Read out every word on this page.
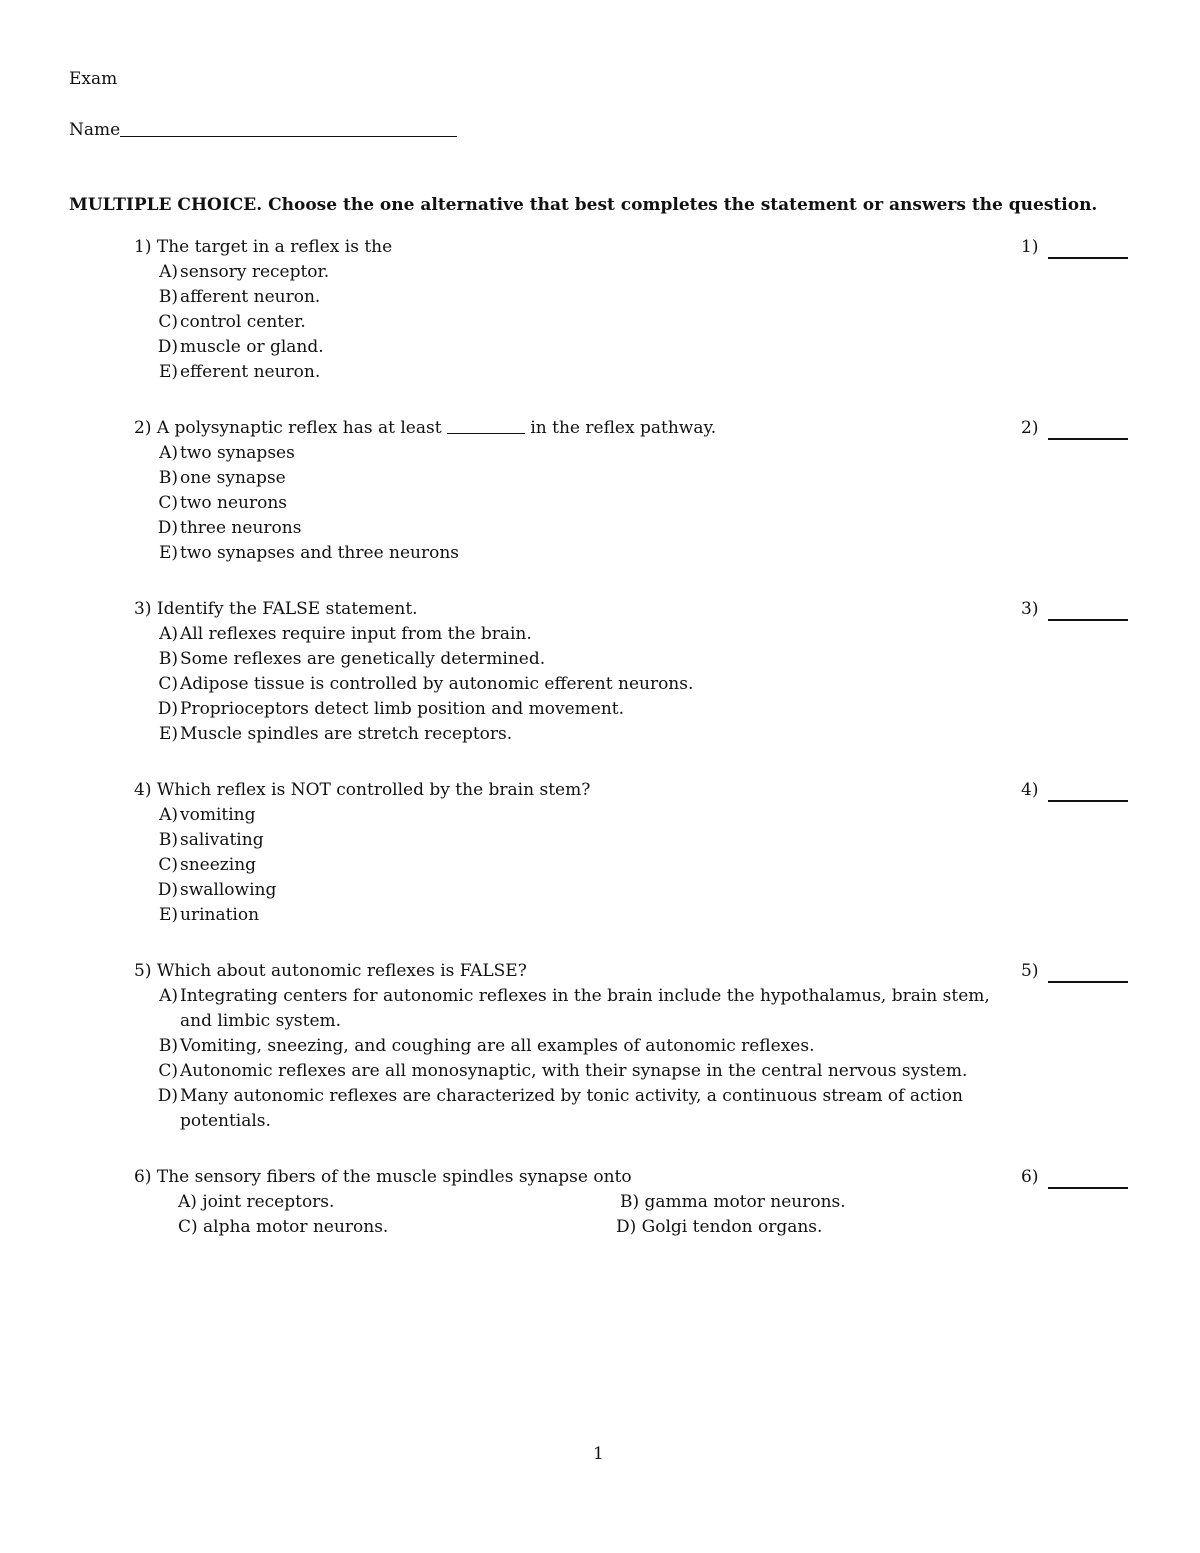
Exam
Name
MULTIPLE CHOICE. Choose the one alternative that best completes the statement or answers the question.
1) The target in a reflex is the
A) sensory receptor.
B) afferent neuron.
C) control center.
D) muscle or gland.
E) efferent neuron.
1)
2) A polysynaptic reflex has at least	in the reflex pathway.
A) two synapses
B) one synapse
C) two neurons
D) three neurons
E) two synapses and three neurons
2)
3) Identify the FALSE statement.
A) All reflexes require input from the brain.
B) Some reflexes are genetically determined.
C) Adipose tissue is controlled by autonomic efferent neurons.
D) Proprioceptors detect limb position and movement.
E) Muscle spindles are stretch receptors.
3)
4) Which reflex is NOT controlled by the brain stem?
A) vomiting
B) salivating
C) sneezing
D) swallowing
E) urination
4)
5) Which about autonomic reflexes is FALSE?
A) Integrating centers for autonomic reflexes in the brain include the hypothalamus, brain stem,
and limbic system.
B) Vomiting, sneezing, and coughing are all examples of autonomic reflexes.
C) Autonomic reflexes are all monosynaptic, with their synapse in the central nervous system.
D) Many autonomic reflexes are characterized by tonic activity, a continuous stream of action
potentials.
5)
6) The sensory fibers of the muscle spindles synapse onto
A) joint receptors.	B) gamma motor neurons.
C) alpha motor neurons.	D) Golgi tendon organs.
6)
1
